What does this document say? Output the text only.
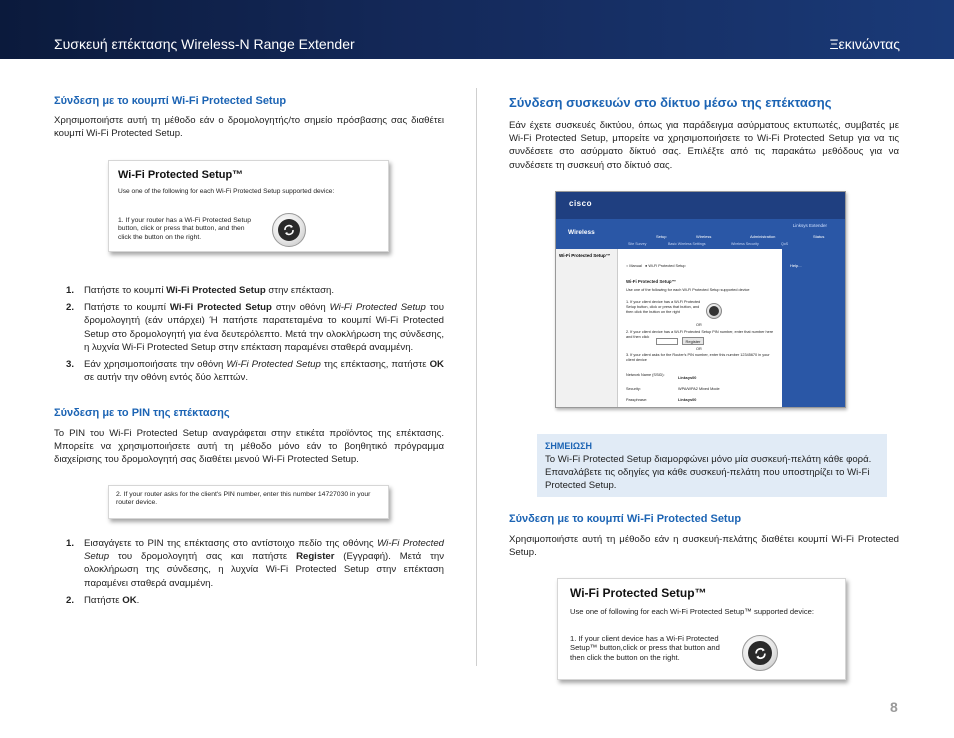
Συσκευή επέκτασης Wireless-N Range Extender	Ξεκινώντας
Σύνδεση με το κουμπί Wi-Fi Protected Setup
Χρησιμοποιήστε αυτή τη μέθοδο εάν ο δρομολογητής/το σημείο πρόσβασης σας διαθέτει κουμπί Wi-Fi Protected Setup.
Wi-Fi Protected Setup™
Use one of the following for each Wi-Fi Protected Setup supported device:
1. If your router has a Wi-Fi Protected Setup button, click or press that button, and then click the button on the right.
1. Πατήστε το κουμπί Wi-Fi Protected Setup στην επέκταση.
2. Πατήστε το κουμπί Wi-Fi Protected Setup στην οθόνη Wi-Fi Protected Setup του δρομολογητή (εάν υπάρχει) Ή πατήστε παρατεταμένα το κουμπί Wi-Fi Protected Setup στο δρομολογητή για ένα δευτερόλεπτο. Μετά την ολοκλήρωση της σύνδεσης, η λυχνία Wi-Fi Protected Setup στην επέκταση παραμένει σταθερά αναμμένη.
3. Εάν χρησιμοποιήσατε την οθόνη Wi-Fi Protected Setup της επέκτασης, πατήστε OK σε αυτήν την οθόνη εντός δύο λεπτών.
Σύνδεση με το PIN της επέκτασης
Το PIN του Wi-Fi Protected Setup αναγράφεται στην ετικέτα προϊόντος της επέκτασης. Μπορείτε να χρησιμοποιήσετε αυτή τη μέθοδο μόνο εάν το βοηθητικό πρόγραμμα διαχείρισης του δρομολογητή σας διαθέτει μενού Wi-Fi Protected Setup.
2. If your router asks for the client's PIN number, enter this number 14727030 in your router device.
1. Εισαγάγετε το PIN της επέκτασης στο αντίστοιχο πεδίο της οθόνης Wi-Fi Protected Setup του δρομολογητή σας και πατήστε Register (Εγγραφή). Μετά την ολοκλήρωση της σύνδεσης, η λυχνία Wi-Fi Protected Setup στην επέκταση παραμένει σταθερά αναμμένη.
2. Πατήστε OK.
Σύνδεση συσκευών στο δίκτυο μέσω της επέκτασης
Εάν έχετε συσκευές δικτύου, όπως για παράδειγμα ασύρματους εκτυπωτές, συμβατές με Wi-Fi Protected Setup, μπορείτε να χρησιμοποιήσετε το Wi-Fi Protected Setup για να τις συνδέσετε στο ασύρματο δίκτυό σας. Επιλέξτε από τις παρακάτω μεθόδους για να συνδέσετε τη συσκευή στο δίκτυό σας.
cisco
Linksys Extender
Wireless
Setup	Wireless	Administration	Status
Site Survey	Basic Wireless Settings	Wireless Security	QoS
Wi-Fi Protected Setup™
Help...
○ Manual   ● Wi-Fi Protected Setup
Wi-Fi Protected Setup™
Use one of the following for each Wi-Fi Protected Setup supported device
1. If your client device has a Wi-Fi Protected Setup button, click or press that button, and then click the button on the right
OR
2. If your client device has a Wi-Fi Protected Setup PIN number, enter that number here and then click
Register
OR
3. If your client asks for the Router's PIN number, enter this number 12345670 in your client device
Network Name (SSID):
Linksys00
Security:	WPA/WPA2 Mixed Mode
Passphrase:	Linksys00
ΣΗΜΕΙΩΣΗ
Το Wi-Fi Protected Setup διαμορφώνει μόνο μία συσκευή-πελάτη κάθε φορά. Επαναλάβετε τις οδηγίες για κάθε συσκευή-πελάτη που υποστηρίζει το Wi-Fi Protected Setup.
Σύνδεση με το κουμπί Wi-Fi Protected Setup
Χρησιμοποιήστε αυτή τη μέθοδο εάν η συσκευή-πελάτης διαθέτει κουμπί Wi-Fi Protected Setup.
Wi-Fi Protected Setup™
Use one of following for each Wi-Fi Protected Setup™ supported device:
1. If your client device has a Wi-Fi Protected Setup™ button,click or press that button and then click the button on the right.
8
